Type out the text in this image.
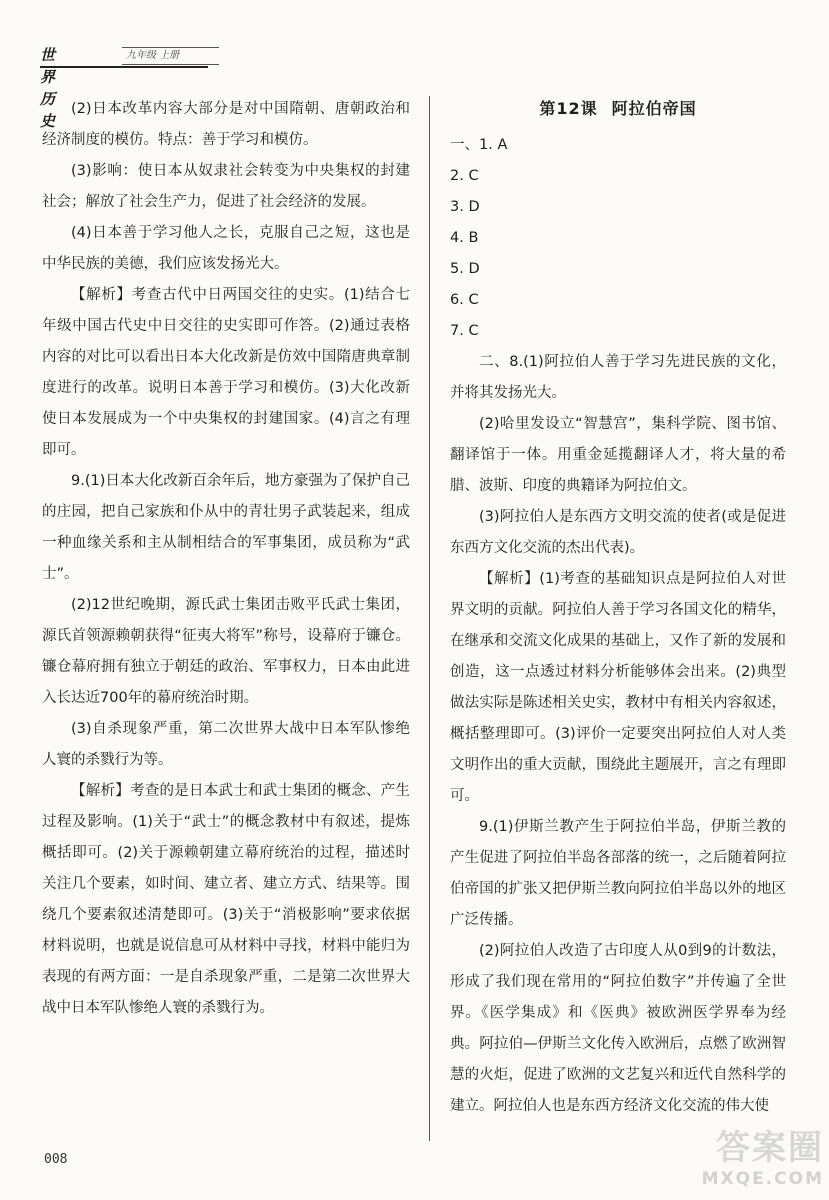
九年级 上册
世界历史

(2)日本改革内容大部分是对中国隋朝、唐朝政治和经济制度的模仿。特点：善于学习和模仿。

(3)影响：使日本从奴隶社会转变为中央集权的封建社会；解放了社会生产力，促进了社会经济的发展。

(4)日本善于学习他人之长，克服自己之短，这也是中华民族的美德，我们应该发扬光大。

【解析】考查古代中日两国交往的史实。(1)结合七年级中国古代史中日交往的史实即可作答。(2)通过表格内容的对比可以看出日本大化改新是仿效中国隋唐典章制度进行的改革。说明日本善于学习和模仿。(3)大化改新使日本发展成为一个中央集权的封建国家。(4)言之有理即可。

9.(1)日本大化改新百余年后，地方豪强为了保护自己的庄园，把自己家族和仆从中的青壮男子武装起来，组成一种血缘关系和主从制相结合的军事集团，成员称为“武士”。

(2)12世纪晚期，源氏武士集团击败平氏武士集团，源氏首领源赖朝获得“征夷大将军”称号，设幕府于镰仓。镰仓幕府拥有独立于朝廷的政治、军事权力，日本由此进入长达近700年的幕府统治时期。

(3)自杀现象严重，第二次世界大战中日本军队惨绝人寰的杀戮行为等。

【解析】考查的是日本武士和武士集团的概念、产生过程及影响。(1)关于“武士”的概念教材中有叙述，提炼概括即可。(2)关于源赖朝建立幕府统治的过程，描述时关注几个要素，如时间、建立者、建立方式、结果等。围绕几个要素叙述清楚即可。(3)关于“消极影响”要求依据材料说明，也就是说信息可从材料中寻找，材料中能归为表现的有两方面：一是自杀现象严重，二是第二次世界大战中日本军队惨绝人寰的杀戮行为。

第12课 阿拉伯帝国

一、1. A

2. C

3. D

4. B

5. D

6. C

7. C

二、8.(1)阿拉伯人善于学习先进民族的文化，并将其发扬光大。

(2)哈里发设立“智慧宫”，集科学院、图书馆、翻译馆于一体。用重金延揽翻译人才，将大量的希腊、波斯、印度的典籍译为阿拉伯文。

(3)阿拉伯人是东西方文明交流的使者(或是促进东西方文化交流的杰出代表)。

【解析】(1)考查的基础知识点是阿拉伯人对世界文明的贡献。阿拉伯人善于学习各国文化的精华，在继承和交流文化成果的基础上，又作了新的发展和创造，这一点透过材料分析能够体会出来。(2)典型做法实际是陈述相关史实，教材中有相关内容叙述，概括整理即可。(3)评价一定要突出阿拉伯人对人类文明作出的重大贡献，围绕此主题展开，言之有理即可。

9.(1)伊斯兰教产生于阿拉伯半岛，伊斯兰教的产生促进了阿拉伯半岛各部落的统一，之后随着阿拉伯帝国的扩张又把伊斯兰教向阿拉伯半岛以外的地区广泛传播。

(2)阿拉伯人改造了古印度人从0到9的计数法，形成了我们现在常用的“阿拉伯数字”并传遍了全世界。《医学集成》和《医典》被欧洲医学界奉为经典。阿拉伯—伊斯兰文化传入欧洲后，点燃了欧洲智慧的火炬，促进了欧洲的文艺复兴和近代自然科学的建立。阿拉伯人也是东西方经济文化交流的伟大使

008	答案圈
MXQE.COM
